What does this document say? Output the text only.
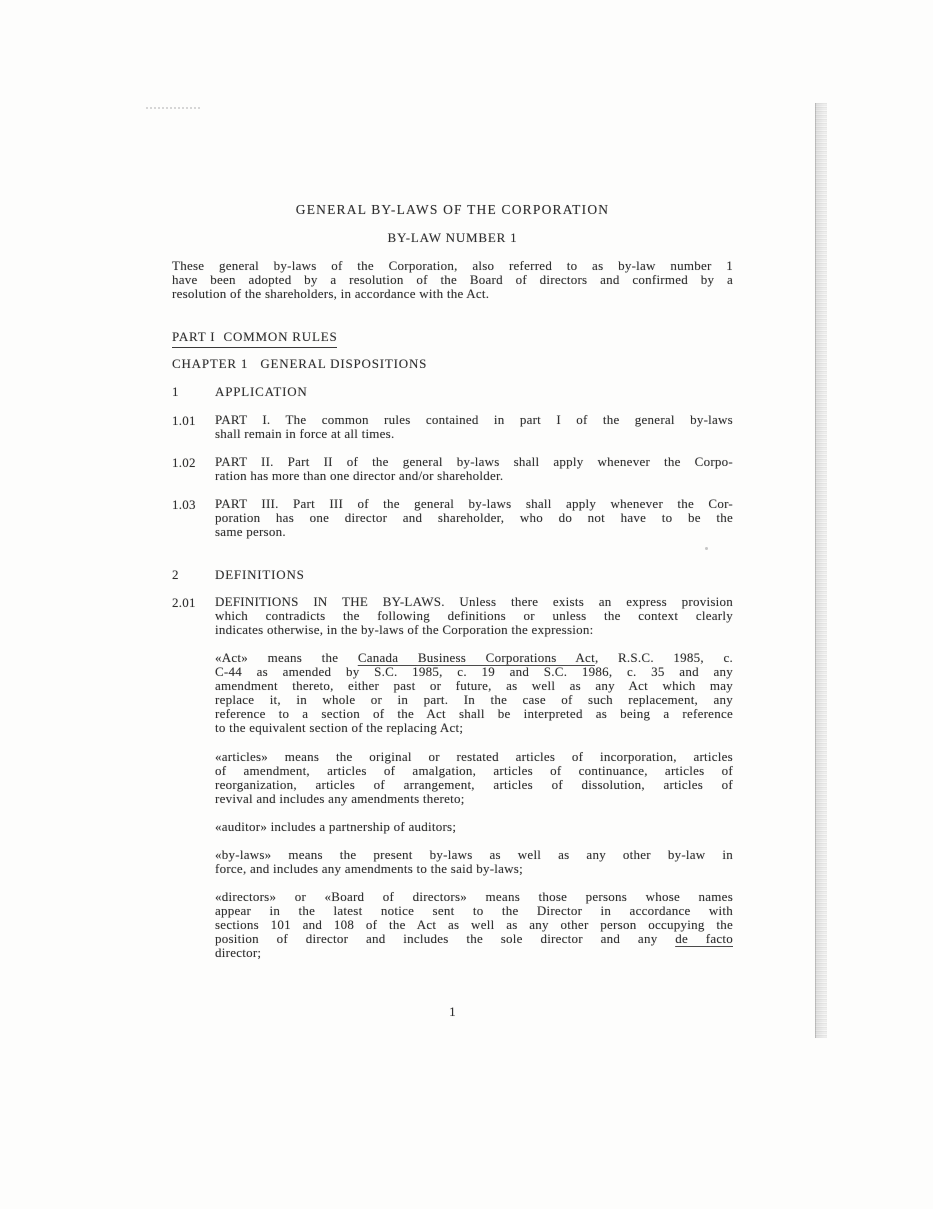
GENERAL BY-LAWS OF THE CORPORATION
BY-LAW NUMBER 1
These general by-laws of the Corporation, also referred to as by-law number 1
have been adopted by a resolution of the Board of directors and confirmed by a
resolution of the shareholders, in accordance with the Act.
PART I  COMMON RULES
CHAPTER 1   GENERAL DISPOSITIONS
1	APPLICATION
1.01 PART I. The common rules contained in part I of the general by-laws
shall remain in force at all times.
1.02 PART II. Part II of the general by-laws shall apply whenever the Corpo-
ration has more than one director and/or shareholder.
1.03 PART III. Part III of the general by-laws shall apply whenever the Cor-
poration has one director and shareholder, who do not have to be the
same person.
2	DEFINITIONS
2.01 DEFINITIONS IN THE BY-LAWS. Unless there exists an express provision
which contradicts the following definitions or unless the context clearly
indicates otherwise, in the by-laws of the Corporation the expression:
«Act» means the Canada Business Corporations Act, R.S.C. 1985, c.
C-44 as amended by S.C. 1985, c. 19 and S.C. 1986, c. 35 and any
amendment thereto, either past or future, as well as any Act which may
replace it, in whole or in part. In the case of such replacement, any
reference to a section of the Act shall be interpreted as being a reference
to the equivalent section of the replacing Act;
«articles» means the original or restated articles of incorporation, articles
of amendment, articles of amalgation, articles of continuance, articles of
reorganization, articles of arrangement, articles of dissolution, articles of
revival and includes any amendments thereto;
«auditor» includes a partnership of auditors;
«by-laws» means the present by-laws as well as any other by-law in
force, and includes any amendments to the said by-laws;
«directors» or «Board of directors» means those persons whose names
appear in the latest notice sent to the Director in accordance with
sections 101 and 108 of the Act as well as any other person occupying the
position of director and includes the sole director and any de facto
director;
1
